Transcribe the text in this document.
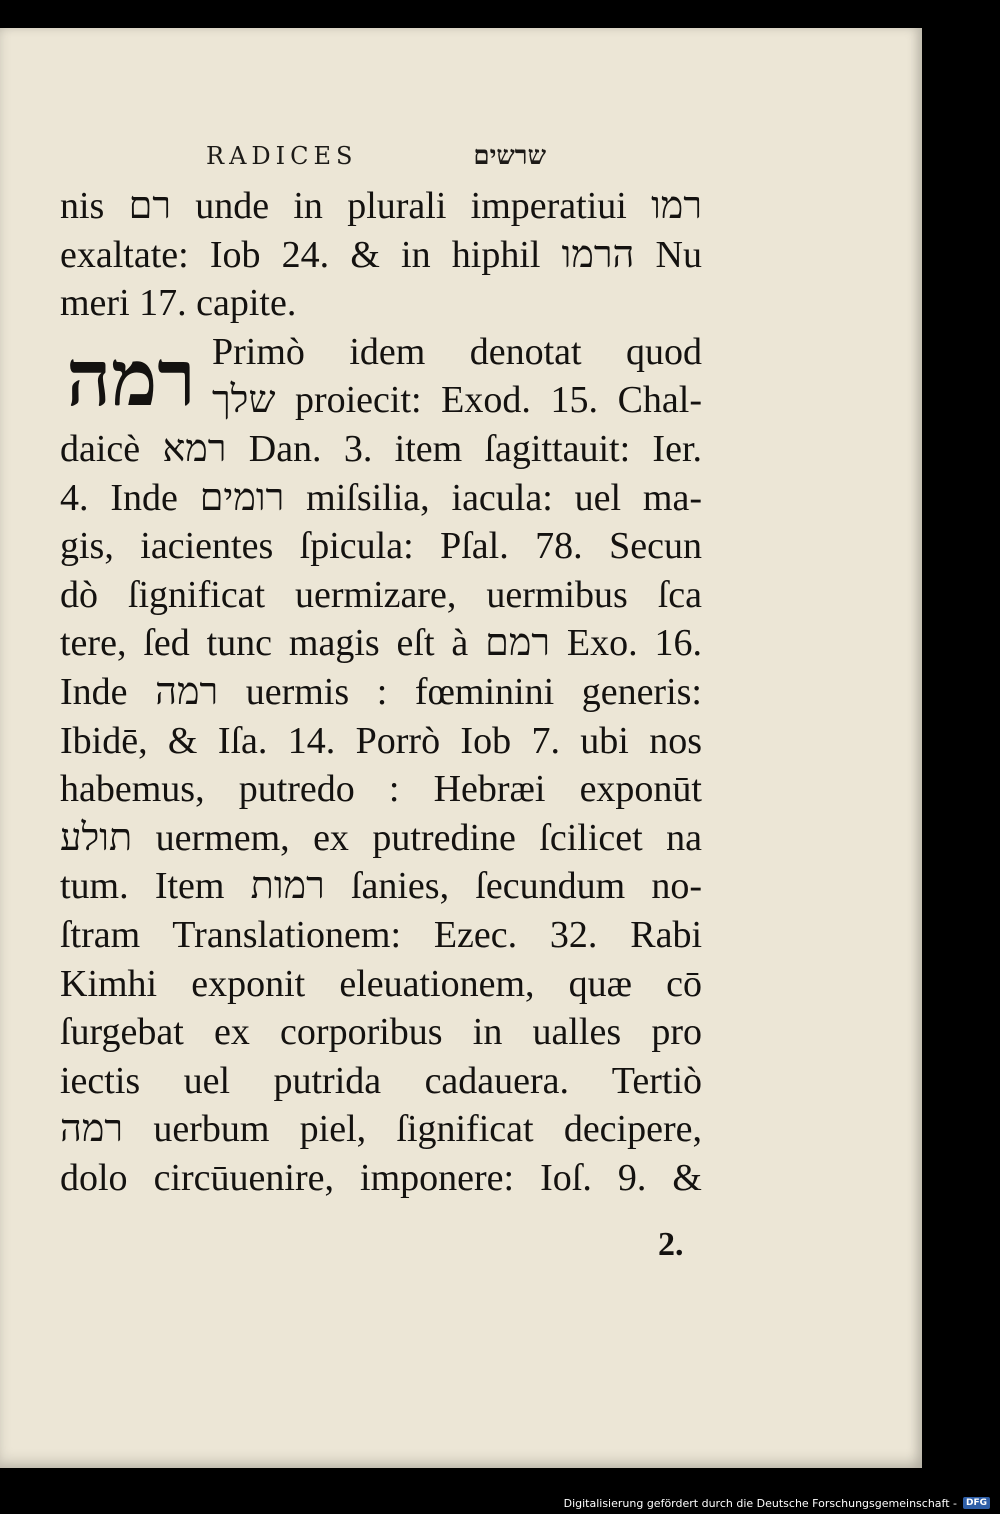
RADICES	שרשים
רמה
nis רם unde in plurali imperatiui רמו
exaltate: Iob 24. & in hiphil הרמו Nu
meri 17. capite.
Primò idem denotat quod
שלך proiecit: Exod. 15. Chal-
daicè רמא Dan. 3. item ſagittauit: Ier.
4. Inde רומים miſsilia, iacula: uel ma-
gis, iacientes ſpicula: Pſal. 78. Secun
dò ſignificat uermizare, uermibus ſca
tere, ſed tunc magis eſt à רמם Exo. 16.
Inde רמה uermis : fœminini generis:
Ibidē, & Iſa. 14. Porrò Iob 7. ubi nos
habemus, putredo : Hebræi exponūt
תולע uermem, ex putredine ſcilicet na
tum. Item רמות ſanies, ſecundum no-
ſtram Translationem: Ezec. 32. Rabi
Kimhi exponit eleuationem, quæ cō
ſurgebat ex corporibus in ualles pro
iectis uel putrida cadauera. Tertiò
רמה uerbum piel, ſignificat decipere,
dolo circūuenire, imponere: Ioſ. 9. &
2.
Digitalisierung gefördert durch die Deutsche Forschungsgemeinschaft -	DFG
